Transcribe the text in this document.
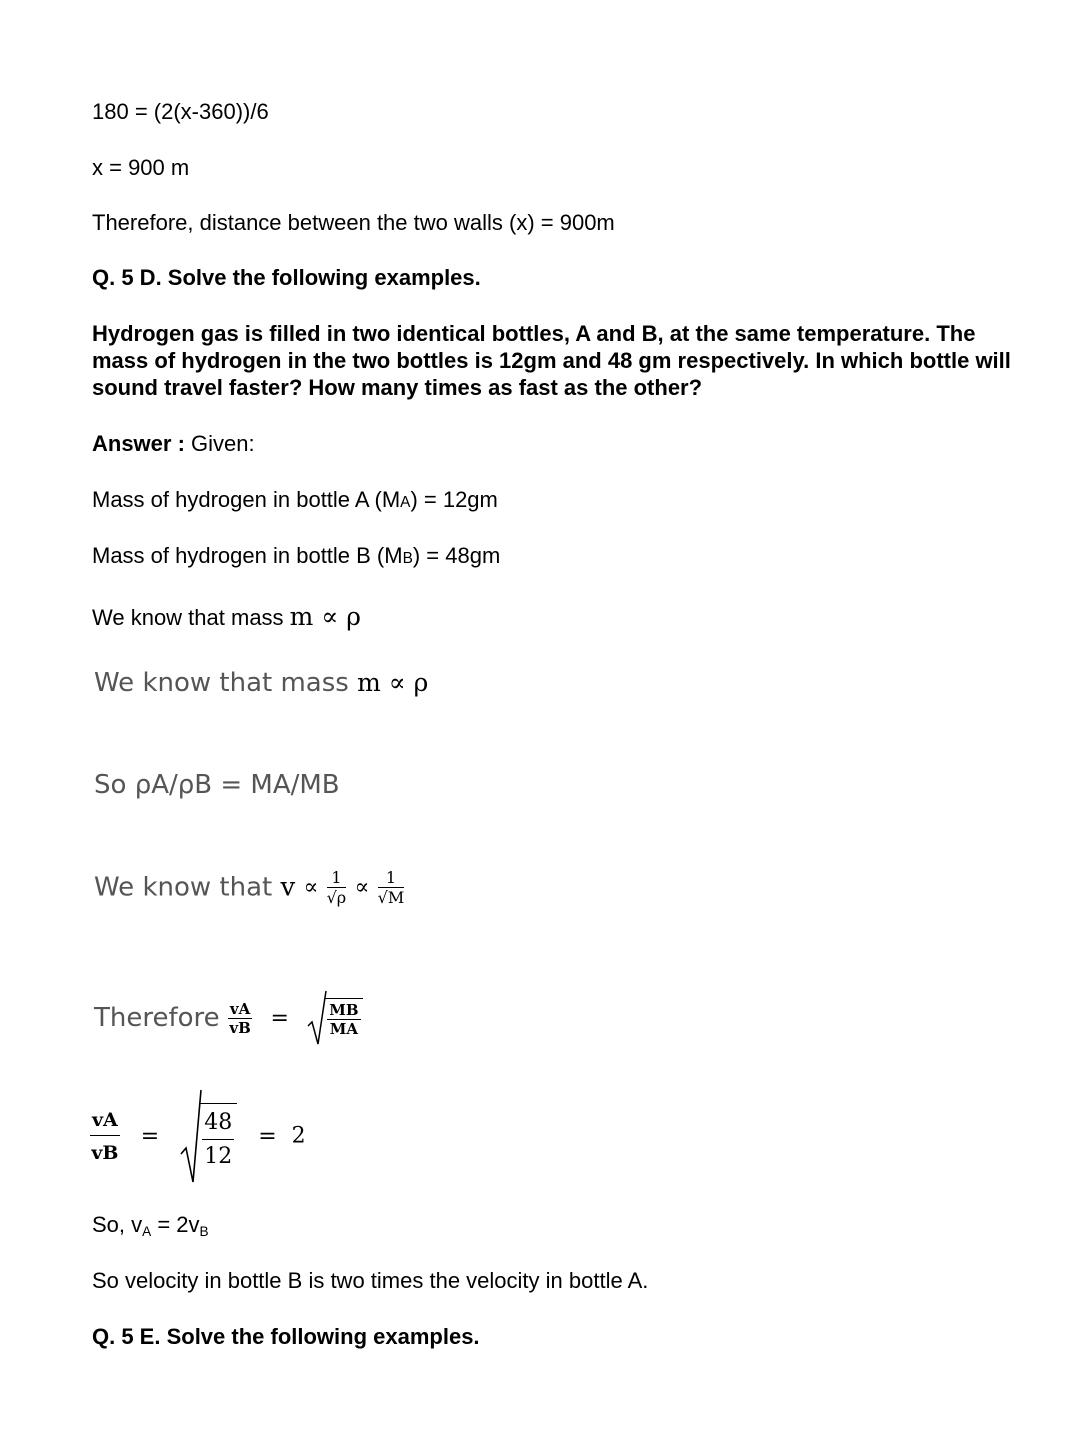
180 = (2(x-360))/6
x = 900 m
Therefore, distance between the two walls (x) = 900m
Q. 5 D. Solve the following examples.
Hydrogen gas is filled in two identical bottles, A and B, at the same temperature. The mass of hydrogen in the two bottles is 12gm and 48 gm respectively. In which bottle will sound travel faster? How many times as fast as the other?
Answer : Given:
Mass of hydrogen in bottle A (MA) = 12gm
Mass of hydrogen in bottle B (MB) = 48gm
We know that mass m ∝ ρ
We know that mass m ∝ ρ
So ρA/ρB = MA/MB
We know that $v \propto \frac{1}{√\rho} \propto \frac{1}{√M}$
Therefore $\frac{vA}{vB} = \frac{MB}{MA}$
$\frac{vA}{vB} = \frac{48}{12} = 2$
So, vA = 2vB
So velocity in bottle B is two times the velocity in bottle A.
Q. 5 E. Solve the following examples.
